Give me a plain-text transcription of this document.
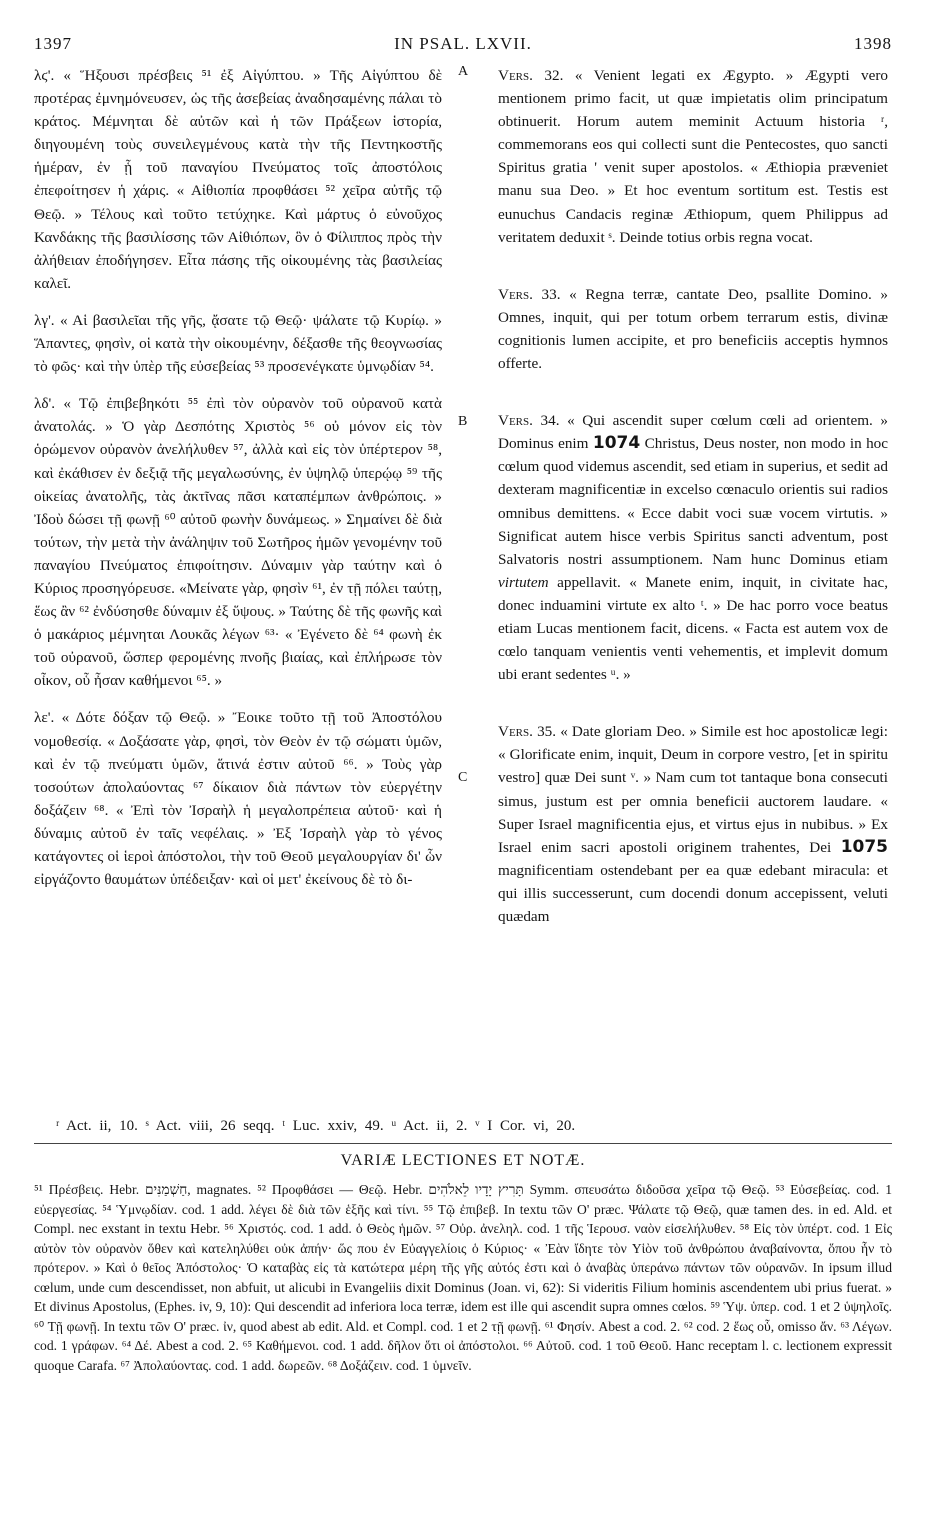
IN PSAL. LXVII.
1397	1398
A
B
C

λϛ'. « Ἥξουσι πρέσβεις ⁵¹ ἐξ Αἰγύπτου. » Τῆς Αἰγύπτου δὲ προτέρας ἐμνημόνευσεν, ὡς τῆς ἀσεβείας ἀναδησαμένης πάλαι τὸ κράτος. Μέμνηται δὲ αὐτῶν καὶ ἡ τῶν Πράξεων ἱστορία, διηγουμένη τοὺς συνειλεγμένους κατὰ τὴν τῆς Πεντηκοστῆς ἡμέραν, ἐν ᾗ τοῦ παναγίου Πνεύματος τοῖς ἀποστόλοις ἐπεφοίτησεν ἡ χάρις. « Αἰθιοπία προφθάσει ⁵² χεῖρα αὐτῆς τῷ Θεῷ. » Τέλους καὶ τοῦτο τετύχηκε. Καὶ μάρτυς ὁ εὐνοῦχος Κανδάκης τῆς βασιλίσσης τῶν Αἰθιόπων, ὃν ὁ Φίλιππος πρὸς τὴν ἀλήθειαν ἐποδήγησεν. Εἶτα πάσης τῆς οἰκουμένης τὰς βασιλείας καλεῖ.

λγ'. « Αἱ βασιλεῖαι τῆς γῆς, ᾄσατε τῷ Θεῷ· ψάλατε τῷ Κυρίῳ. » Ἅπαντες, φησὶν, οἱ κατὰ τὴν οἰκουμένην, δέξασθε τῆς θεογνωσίας τὸ φῶς· καὶ τὴν ὑπὲρ τῆς εὐσεβείας ⁵³ προσενέγκατε ὑμνῳδίαν ⁵⁴.

λδ'. « Τῷ ἐπιβεβηκότι ⁵⁵ ἐπὶ τὸν οὐρανὸν τοῦ οὐρανοῦ κατὰ ἀνατολάς. » Ὁ γὰρ Δεσπότης Χριστὸς ⁵⁶ οὐ μόνον εἰς τὸν ὁρώμενον οὐρανὸν ἀνελήλυθεν ⁵⁷, ἀλλὰ καὶ εἰς τὸν ὑπέρτερον ⁵⁸, καὶ ἐκάθισεν ἐν δεξιᾷ τῆς μεγαλωσύνης, ἐν ὑψηλῷ ὑπερῴῳ ⁵⁹ τῆς οἰκείας ἀνατολῆς, τὰς ἀκτῖνας πᾶσι καταπέμπων ἀνθρώποις. » Ἰδοὺ δώσει τῇ φωνῇ ⁶⁰ αὐτοῦ φωνὴν δυνάμεως. » Σημαίνει δὲ διὰ τούτων, τὴν μετὰ τὴν ἀνάληψιν τοῦ Σωτῆρος ἡμῶν γενομένην τοῦ παναγίου Πνεύματος ἐπιφοίτησιν. Δύναμιν γὰρ ταύτην καὶ ὁ Κύριος προσηγόρευσε. «Μείνατε γὰρ, φησὶν ⁶¹, ἐν τῇ πόλει ταύτῃ, ἕως ἂν ⁶² ἐνδύσησθε δύναμιν ἐξ ὕψους. » Ταύτης δὲ τῆς φωνῆς καὶ ὁ μακάριος μέμνηται Λουκᾶς λέγων ⁶³· « Ἐγένετο δὲ ⁶⁴ φωνὴ ἐκ τοῦ οὐρανοῦ, ὥσπερ φερομένης πνοῆς βιαίας, καὶ ἐπλήρωσε τὸν οἶκον, οὗ ἦσαν καθήμενοι ⁶⁵. »

λε'. « Δότε δόξαν τῷ Θεῷ. » Ἔοικε τοῦτο τῇ τοῦ Ἀποστόλου νομοθεσίᾳ. « Δοξάσατε γὰρ, φησὶ, τὸν Θεὸν ἐν τῷ σώματι ὑμῶν, καὶ ἐν τῷ πνεύματι ὑμῶν, ἅτινά ἐστιν αὐτοῦ ⁶⁶. » Τοὺς γὰρ τοσούτων ἀπολαύοντας ⁶⁷ δίκαιον διὰ πάντων τὸν εὐεργέτην δοξάζειν ⁶⁸. « Ἐπὶ τὸν Ἰσραὴλ ἡ μεγαλοπρέπεια αὐτοῦ· καὶ ἡ δύναμις αὐτοῦ ἐν ταῖς νεφέλαις. » Ἐξ Ἰσραὴλ γὰρ τὸ γένος κατάγοντες οἱ ἱεροὶ ἀπόστολοι, τὴν τοῦ Θεοῦ μεγαλουργίαν δι' ὧν εἰργάζοντο θαυμάτων ὑπέδειξαν· καὶ οἱ μετ' ἐκείνους δὲ τὸ δι-

Vers. 32. « Venient legati ex Ægypto. » Ægypti vero mentionem primo facit, ut quæ impietatis olim principatum obtinuerit. Horum autem meminit Actuum historia ʳ, commemorans eos qui collecti sunt die Pentecostes, quo sancti Spiritus gratia ' venit super apostolos. « Æthiopia præveniet manu sua Deo. » Et hoc eventum sortitum est. Testis est eunuchus Candacis reginæ Æthiopum, quem Philippus ad veritatem deduxit ˢ. Deinde totius orbis regna vocat.

Vers. 33. « Regna terræ, cantate Deo, psallite Domino. » Omnes, inquit, qui per totum orbem terrarum estis, divinæ cognitionis lumen accipite, et pro beneficiis acceptis hymnos offerte.

Vers. 34. « Qui ascendit super cœlum cœli ad orientem. » Dominus enim 1074 Christus, Deus noster, non modo in hoc cœlum quod videmus ascendit, sed etiam in superius, et sedit ad dexteram magnificentiæ in excelso cœnaculo orientis sui radios omnibus demittens. « Ecce dabit voci suæ vocem virtutis. » Significat autem hisce verbis Spiritus sancti adventum, post Salvatoris nostri assumptionem. Nam hunc Dominus etiam virtutem appellavit. « Manete enim, inquit, in civitate hac, donec induamini virtute ex alto ᵗ. » De hac porro voce beatus etiam Lucas mentionem facit, dicens. « Facta est autem vox de cœlo tanquam venientis venti vehementis, et implevit domum ubi erant sedentes ᵘ. »

Vers. 35. « Date gloriam Deo. » Simile est hoc apostolicæ legi: « Glorificate enim, inquit, Deum in corpore vestro, [et in spiritu vestro] quæ Dei sunt ᵛ. » Nam cum tot tantaque bona consecuti simus, justum est per omnia beneficii auctorem laudare. « Super Israel magnificentia ejus, et virtus ejus in nubibus. » Ex Israel enim sacri apostoli originem trahentes, Dei 1075 magnificentiam ostendebant per ea quæ edebant miracula: et qui illis successerunt, cum docendi donum accepissent, veluti quædam

ʳ Act. ii, 10. ˢ Act. viii, 26 seqq. ᵗ Luc. xxiv, 49. ᵘ Act. ii, 2. ᵛ I Cor. vi, 20.
VARIÆ LECTIONES ET NOTÆ.

⁵¹ Πρέσβεις. Hebr. חַשְׁמַנִּים, magnates. ⁵² Προφθάσει — Θεῷ. Hebr. תָּרִיץ יָדָיו לֵאלֹהִים Symm. σπευσάτω διδοῦσα χεῖρα τῷ Θεῷ. ⁵³ Εὐσεβείας. cod. 1 εὐεργεσίας. ⁵⁴ Ὑμνῳδίαν. cod. 1 add. λέγει δὲ διὰ τῶν ἑξῆς καὶ τίνι. ⁵⁵ Τῷ ἐπιβεβ. In textu τῶν Ο' præc. Ψάλατε τῷ Θεῷ, quæ tamen des. in ed. Ald. et Compl. nec exstant in textu Hebr. ⁵⁶ Χριστός. cod. 1 add. ὁ Θεὸς ἡμῶν. ⁵⁷ Οὐρ. ἀνεληλ. cod. 1 τῆς Ἱερουσ. ναὸν εἰσελήλυθεν. ⁵⁸ Εἰς τὸν ὑπέρτ. cod. 1 Εἰς αὐτὸν τὸν οὐρανὸν ὅθεν καὶ κατεληλύθει οὐκ ἀπήν· ὥς που ἐν Εὐαγγελίοις ὁ Κύριος· « Ἐὰν ἴδητε τὸν Υἱὸν τοῦ ἀνθρώπου ἀναβαίνοντα, ὅπου ἦν τὸ πρότερον. » Καὶ ὁ θεῖος Ἀπόστολος· Ὁ καταβὰς εἰς τὰ κατώτερα μέρη τῆς γῆς αὐτός ἐστι καὶ ὁ ἀναβὰς ὑπεράνω πάντων τῶν οὐρανῶν. In ipsum illud cœlum, unde cum descendisset, non abfuit, ut alicubi in Evangeliis dixit Dominus (Joan. vi, 62): Si videritis Filium hominis ascendentem ubi prius fuerat. » Et divinus Apostolus, (Ephes. iv, 9, 10): Qui descendit ad inferiora loca terræ, idem est ille qui ascendit supra omnes cœlos. ⁵⁹ Ὑψ. ὑπερ. cod. 1 et 2 ὑψηλοῖς. ⁶⁰ Τῇ φωνῇ. In textu τῶν Ο' præc. ἰν, quod abest ab edit. Ald. et Compl. cod. 1 et 2 τῇ φωνῇ. ⁶¹ Φησίν. Abest a cod. 2. ⁶² cod. 2 ἕως οὗ, omisso ἄν. ⁶³ Λέγων. cod. 1 γράφων. ⁶⁴ Δέ. Abest a cod. 2. ⁶⁵ Καθήμενοι. cod. 1 add. δῆλον ὅτι οἱ ἀπόστολοι. ⁶⁶ Αὐτοῦ. cod. 1 τοῦ Θεοῦ. Hanc receptam l. c. lectionem expressit quoque Carafa. ⁶⁷ Ἀπολαύοντας. cod. 1 add. δωρεῶν. ⁶⁸ Δοξάζειν. cod. 1 ὑμνεῖν.
